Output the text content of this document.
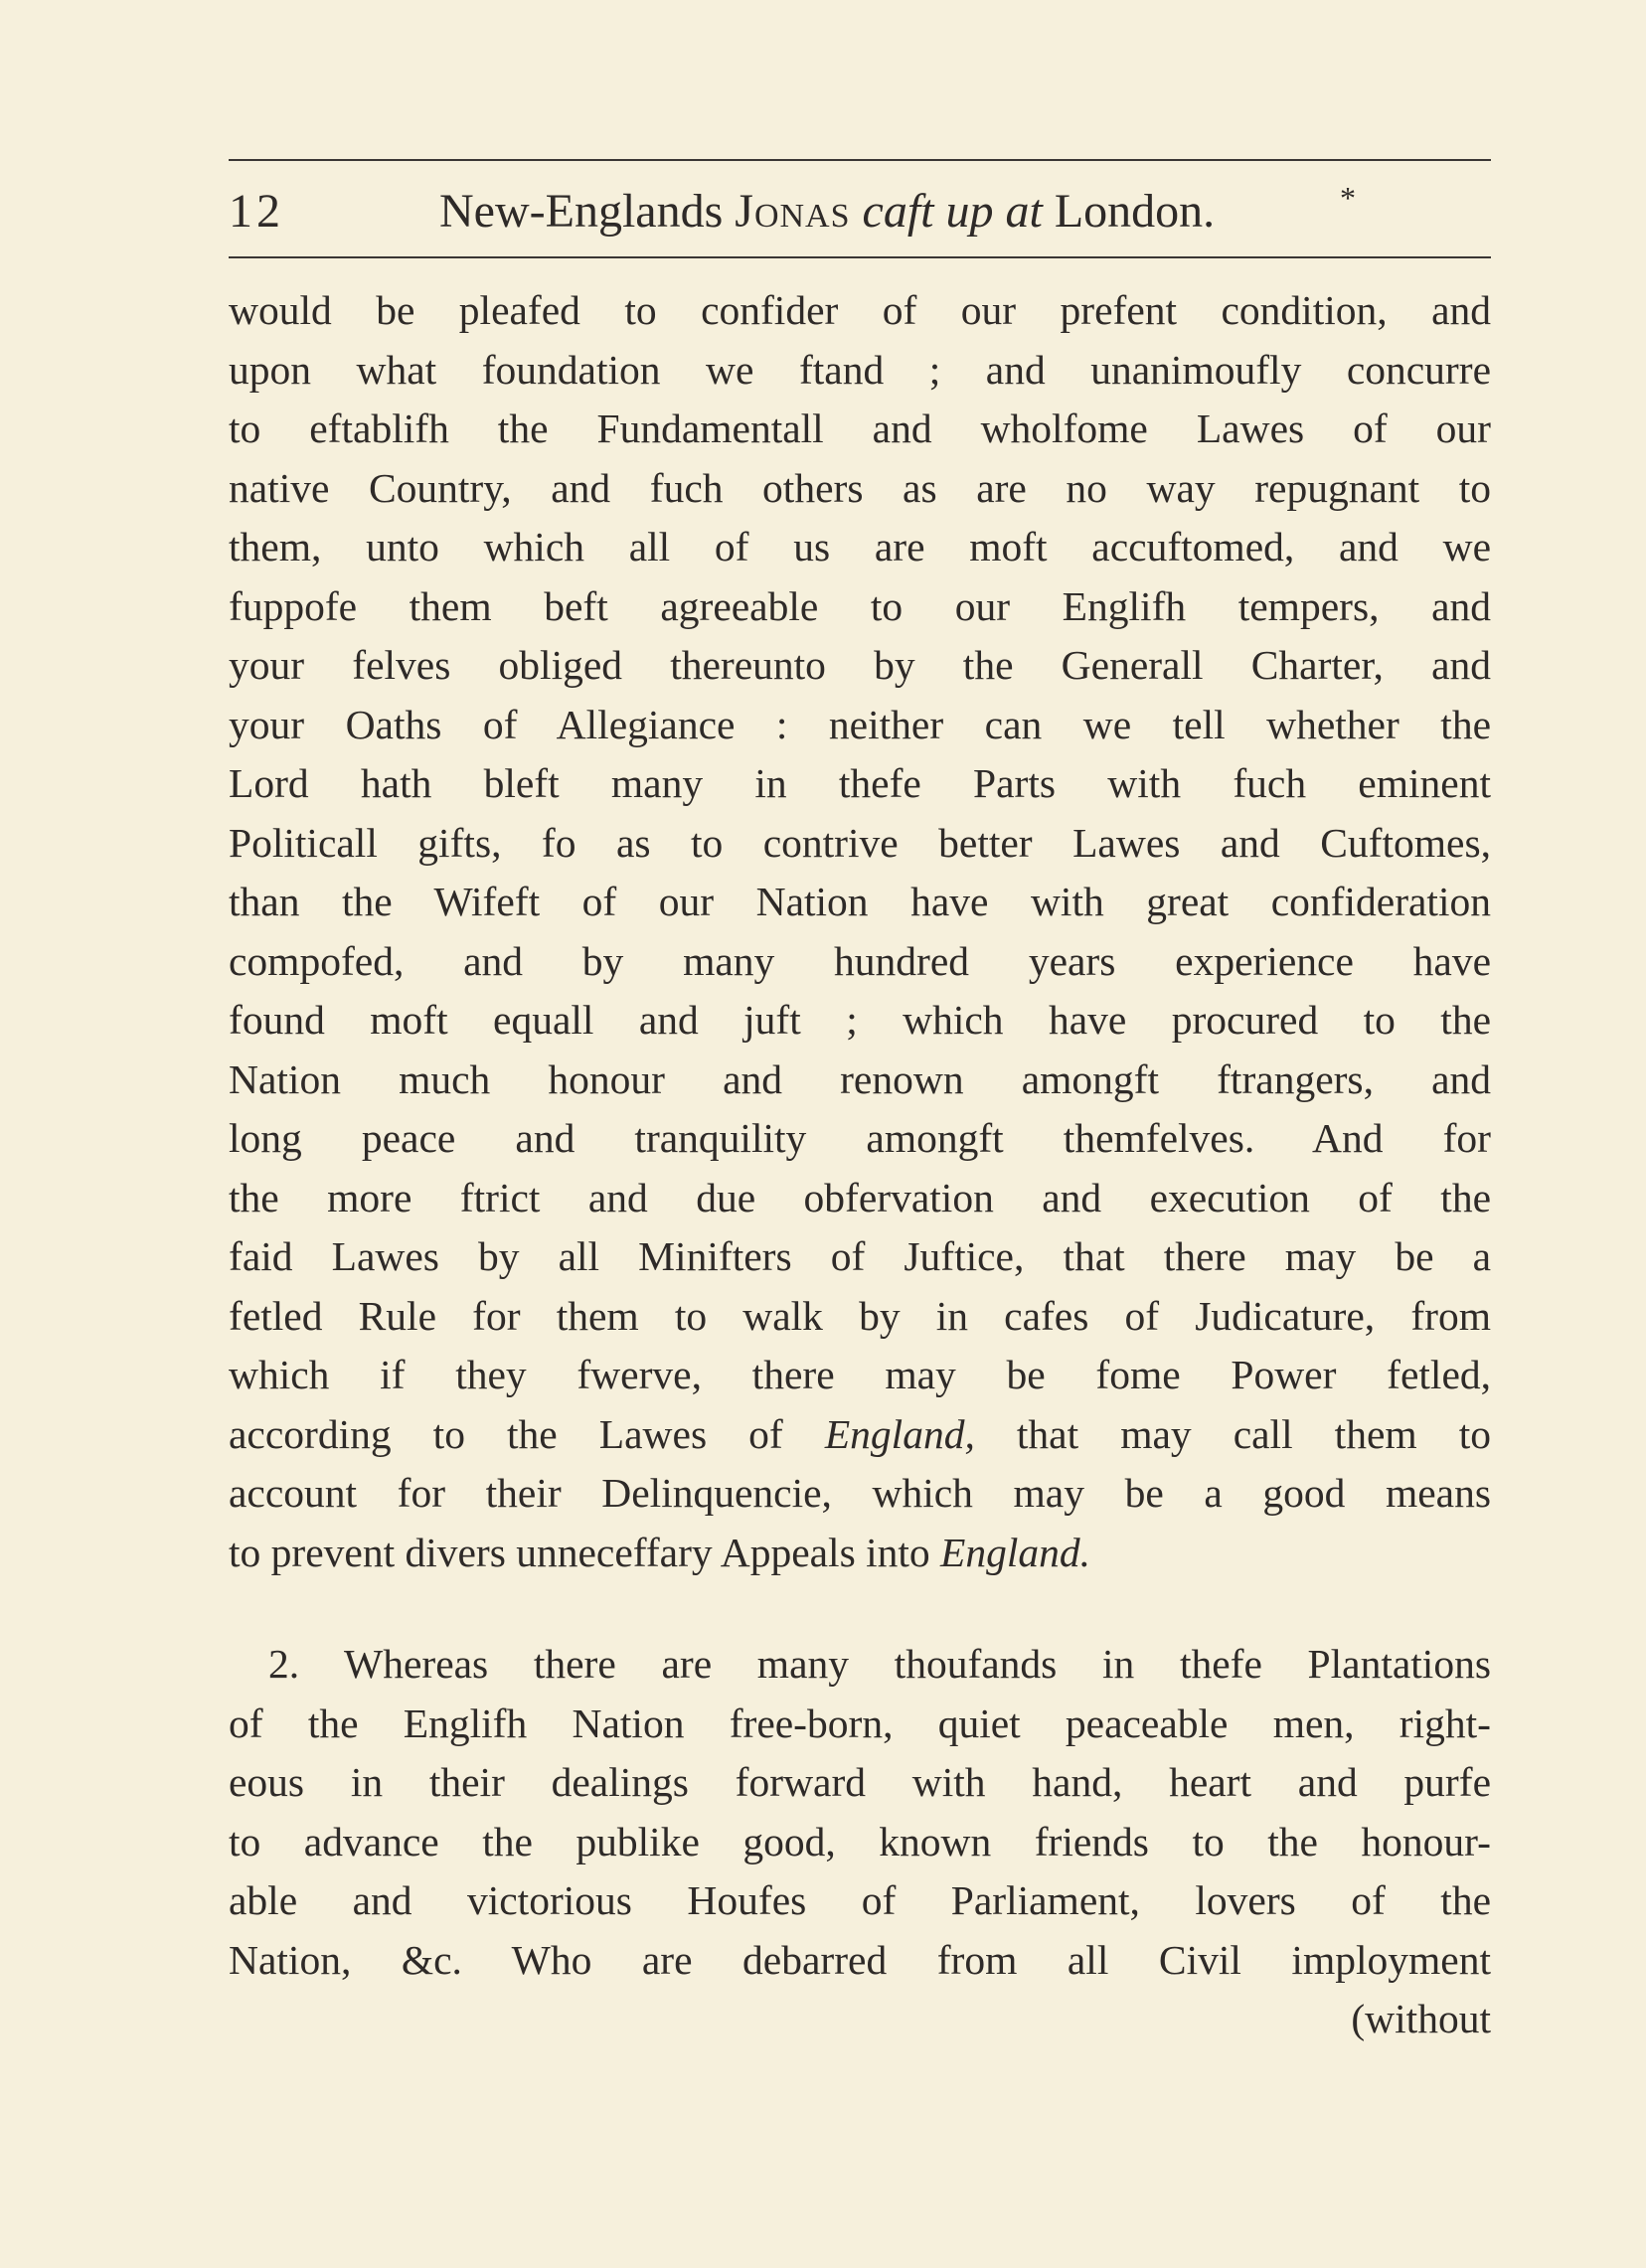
12	New-Englands Jonas caft up at London.	*
would be pleafed to confider of our prefent condition, and
upon what foundation we ftand ; and unanimoufly concurre
to eftablifh the Fundamentall and wholfome Lawes of our
native Country, and fuch others as are no way repugnant to
them, unto which all of us are moft accuftomed, and we
fuppofe them beft agreeable to our Englifh tempers, and
your felves obliged thereunto by the Generall Charter, and
your Oaths of Allegiance : neither can we tell whether the
Lord hath bleft many in thefe Parts with fuch eminent
Politicall gifts, fo as to contrive better Lawes and Cuftomes,
than the Wifeft of our Nation have with great confideration
compofed, and by many hundred years experience have
found moft equall and juft ; which have procured to the
Nation much honour and renown amongft ftrangers, and
long peace and tranquility amongft themfelves. And for
the more ftrict and due obfervation and execution of the
faid Lawes by all Minifters of Juftice, that there may be a
fetled Rule for them to walk by in cafes of Judicature, from
which if they fwerve, there may be fome Power fetled,
according to the Lawes of England, that may call them to
account for their Delinquencie, which may be a good means
to prevent divers unneceffary Appeals into England.
2. Whereas there are many thoufands in thefe Plantations
of the Englifh Nation free-born, quiet peaceable men, right-
eous in their dealings forward with hand, heart and purfe
to advance the publike good, known friends to the honour-
able and victorious Houfes of Parliament, lovers of the
Nation, &c. Who are debarred from all Civil imployment
(without
